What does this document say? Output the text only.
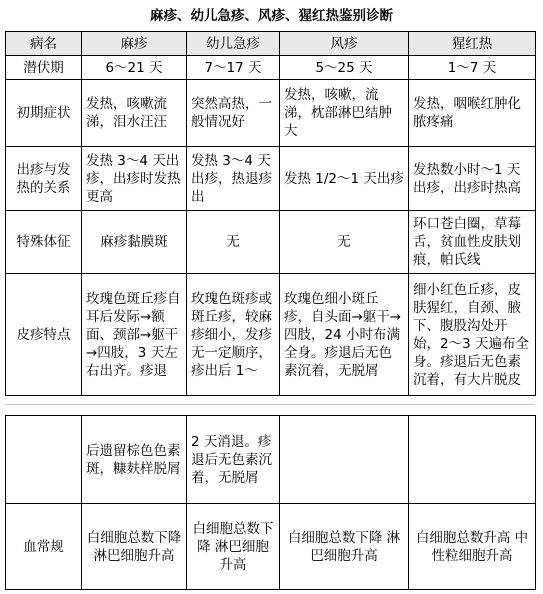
麻疹、幼儿急疹、风疹、猩红热鉴别诊断
病名	麻疹	幼儿急疹	风疹	猩红热
潜伏期	6～21 天	7～17 天	5～25 天	1～7 天
初期症状	发热，咳嗽流涕，泪水汪汪	突然高热，一般情况好	发热，咳嗽，流涕，枕部淋巴结肿大	发热，咽喉红肿化脓疼痛
出疹与发热的关系	发热 3～4 天出疹，出疹时发热更高	发热 3～4 天出疹，热退疹出	发热 1/2～1 天出疹	发热数小时～1 天出疹，出疹时热高
特殊体征	麻疹黏膜斑	无	无	环口苍白圈，草莓舌，贫血性皮肤划痕，帕氏线
皮疹特点	玫瑰色斑丘疹自耳后发际→额面、颈部→躯干→四肢，3 天左右出齐。疹退	玫瑰色斑疹或斑丘疹，较麻疹细小，发疹无一定顺序，疹出后 1～	玫瑰色细小斑丘疹，自头面→躯干→四肢，24 小时布满全身。疹退后无色素沉着，无脱屑	细小红色丘疹，皮肤猩红，自颈、腋下、腹股沟处开始，2～3 天遍布全身。疹退后无色素沉着，有大片脱皮
	后遗留棕色色素斑，糠麸样脱屑	2 天消退。疹退后无色素沉着，无脱屑		
血常规	白细胞总数下降 淋巴细胞升高	白细胞总数下降 淋巴细胞升高	白细胞总数下降 淋巴细胞升高	白细胞总数升高 中性粒细胞升高
